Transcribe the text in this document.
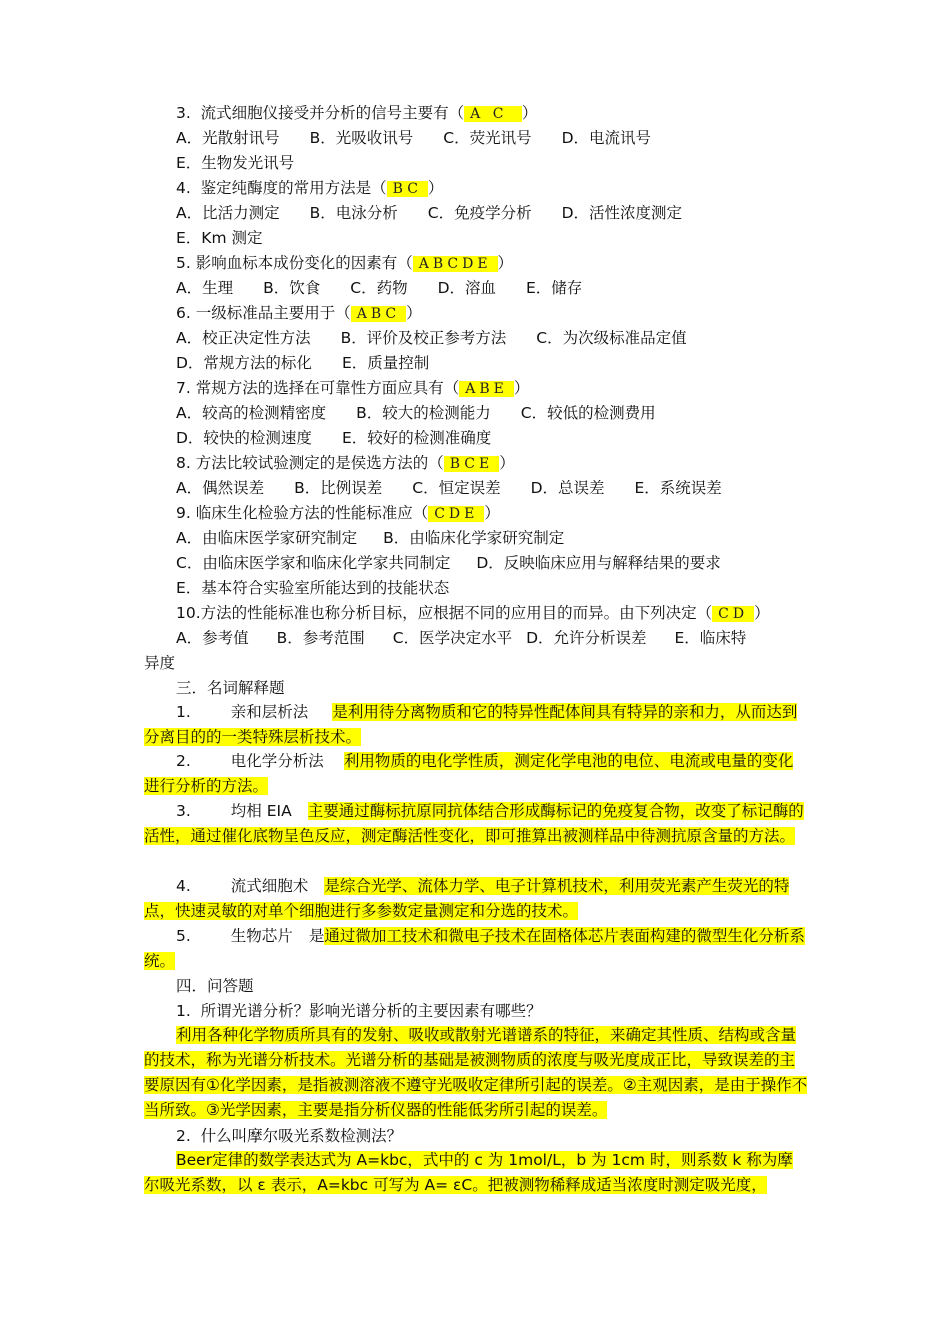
3.  流式细胞仪接受并分析的信号主要有（ A C ）
A．光散射讯号 B．光吸收讯号 C．荧光讯号 D．电流讯号
E．生物发光讯号
4.  鉴定纯酶度的常用方法是（ BC ）
A．比活力测定 B．电泳分析 C．免疫学分析 D．活性浓度测定
E．Km 测定
5. 影响血标本成份变化的因素有（ ABCDE ）
A．生理 B．饮食 C．药物 D．溶血 E．储存
6. 一级标准品主要用于（ ABC ）
A．校正决定性方法 B．评价及校正参考方法 C．为次级标准品定值
D．常规方法的标化 E．质量控制
7. 常规方法的选择在可靠性方面应具有（ ABE ）
A．较高的检测精密度 B．较大的检测能力 C．较低的检测费用
D．较快的检测速度 E．较好的检测准确度
8. 方法比较试验测定的是侯选方法的（ BCE ）
A．偶然误差 B．比例误差 C．恒定误差 D．总误差 E．系统误差
9. 临床生化检验方法的性能标准应（ CDE ）
A．由临床医学家研究制定 B．由临床化学家研究制定
C．由临床医学家和临床化学家共同制定 D．反映临床应用与解释结果的要求
E．基本符合实验室所能达到的技能状态
10.方法的性能标准也称分析目标，应根据不同的应用目的而异。由下列决定（ CD ）
A．参考值 B．参考范围 C．医学决定水平 D．允许分析误差 E．临床特
异度
三．名词解释题
1.	亲和层析法 是利用待分离物质和它的特异性配体间具有特异的亲和力，从而达到分离目的的一类特殊层析技术。
2.	电化学分析法 利用物质的电化学性质，测定化学电池的电位、电流或电量的变化进行分析的方法。
3.	均相 EIA 主要通过酶标抗原同抗体结合形成酶标记的免疫复合物，改变了标记酶的活性，通过催化底物呈色反应，测定酶活性变化，即可推算出被测样品中待测抗原含量的方法。
4.	流式细胞术 是综合光学、流体力学、电子计算机技术，利用荧光素产生荧光的特点，快速灵敏的对单个细胞进行多参数定量测定和分选的技术。
5.	生物芯片 是通过微加工技术和微电子技术在固格体芯片表面构建的微型生化分析系统。
四．问答题
1.  所谓光谱分析？影响光谱分析的主要因素有哪些？
利用各种化学物质所具有的发射、吸收或散射光谱谱系的特征，来确定其性质、结构或含量的技术，称为光谱分析技术。光谱分析的基础是被测物质的浓度与吸光度成正比，导致误差的主要原因有①化学因素，是指被测溶液不遵守光吸收定律所引起的误差。②主观因素，是由于操作不当所致。③光学因素，主要是指分析仪器的性能低劣所引起的误差。
2.  什么叫摩尔吸光系数检测法？
Beer定律的数学表达式为 A=kbc，式中的 c 为 1mol/L，b 为 1cm 时，则系数 k 称为摩尔吸光系数，以 ε 表示，A=kbc 可写为 A= εC。把被测物稀释成适当浓度时测定吸光度，
